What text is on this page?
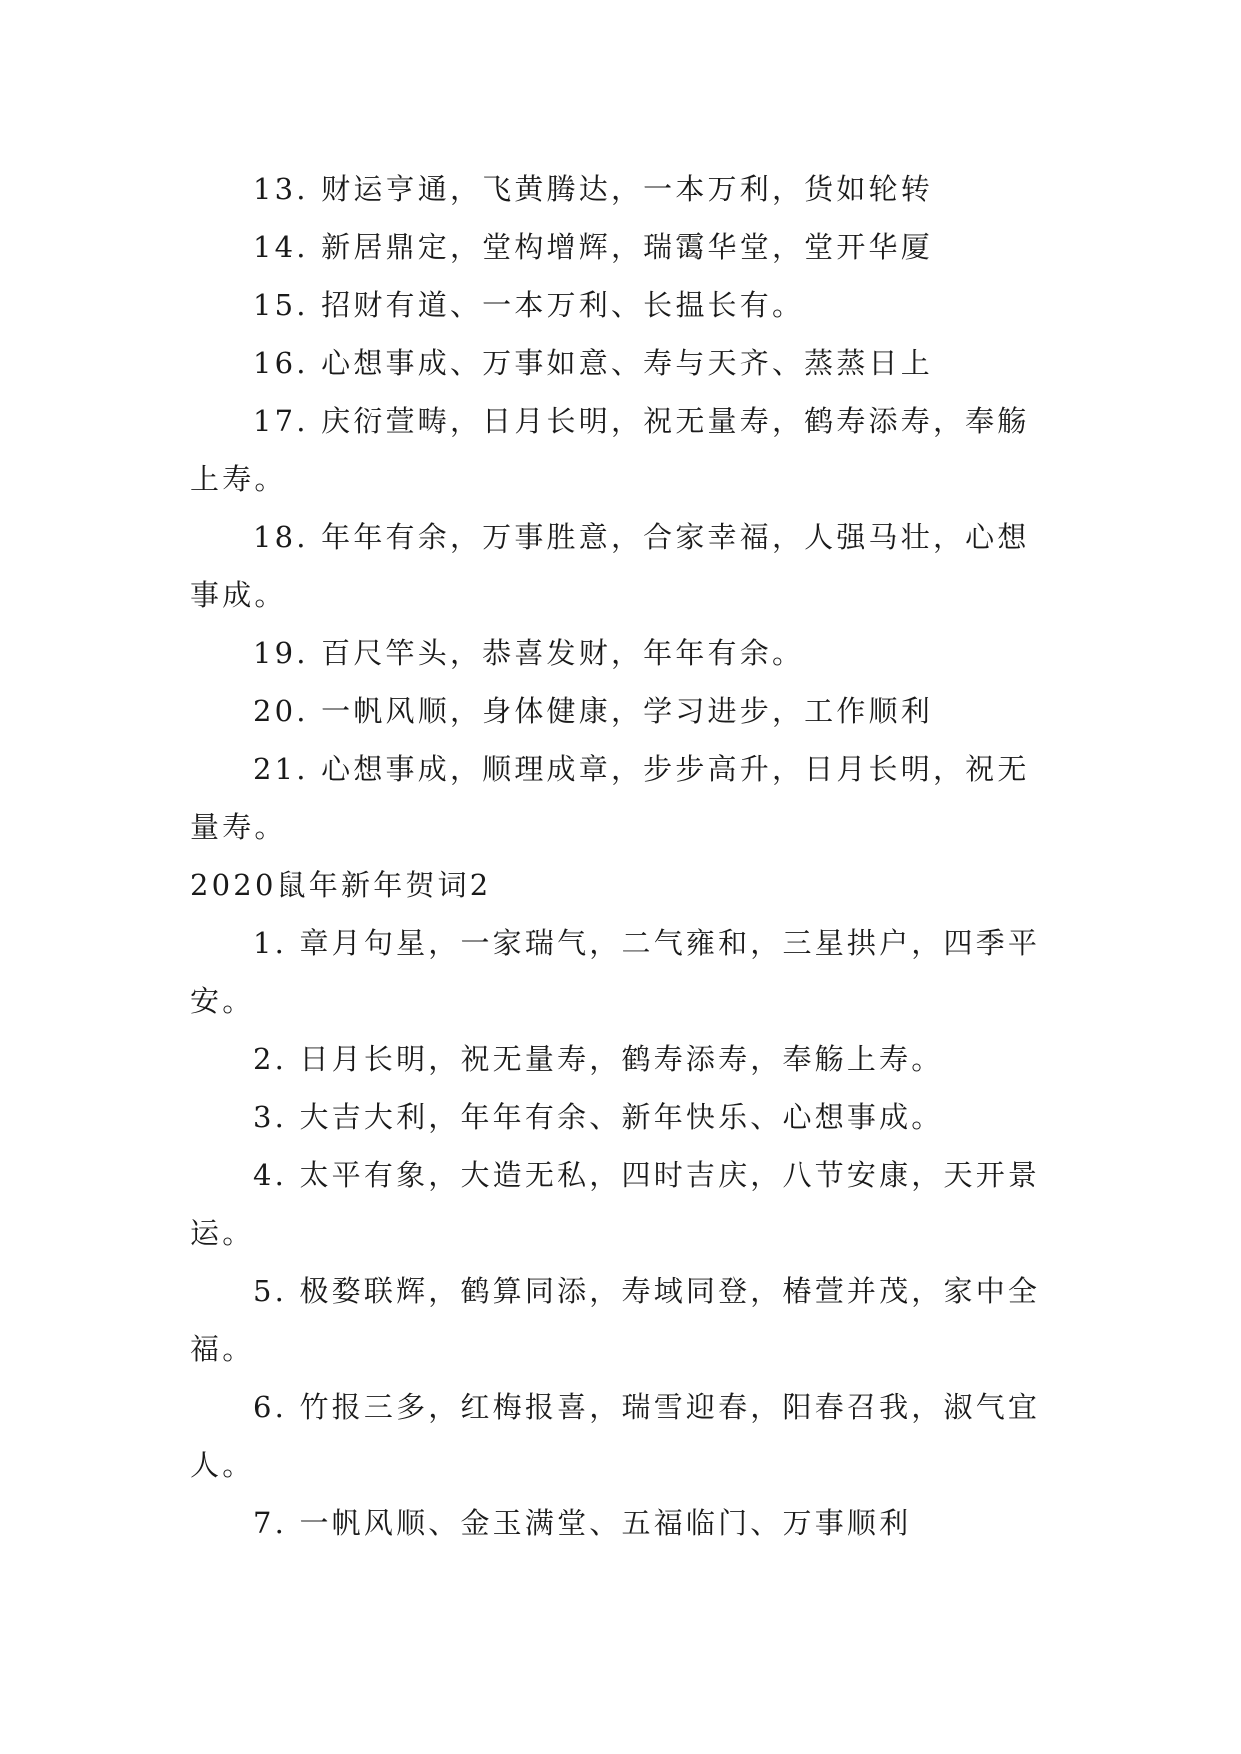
13. 财运亨通，飞黄腾达，一本万利，货如轮转

14. 新居鼎定，堂构增辉，瑞霭华堂，堂开华厦

15. 招财有道、一本万利、长揾长有。

16. 心想事成、万事如意、寿与天齐、蒸蒸日上

17. 庆衍萱畴，日月长明，祝无量寿，鹤寿添寿，奉觞上寿。

18. 年年有余，万事胜意，合家幸福，人强马壮，心想事成。

19. 百尺竿头，恭喜发财，年年有余。

20. 一帆风顺，身体健康，学习进步，工作顺利

21. 心想事成，顺理成章，步步高升，日月长明，祝无量寿。

2020鼠年新年贺词2

1. 章月句星，一家瑞气，二气雍和，三星拱户，四季平安。

2. 日月长明，祝无量寿，鹤寿添寿，奉觞上寿。

3. 大吉大利，年年有余、新年快乐、心想事成。

4. 太平有象，大造无私，四时吉庆，八节安康，天开景运。

5. 极婺联辉，鹤算同添，寿域同登，椿萱并茂，家中全福。

6. 竹报三多，红梅报喜，瑞雪迎春，阳春召我，淑气宜人。

7. 一帆风顺、金玉满堂、五福临门、万事顺利
